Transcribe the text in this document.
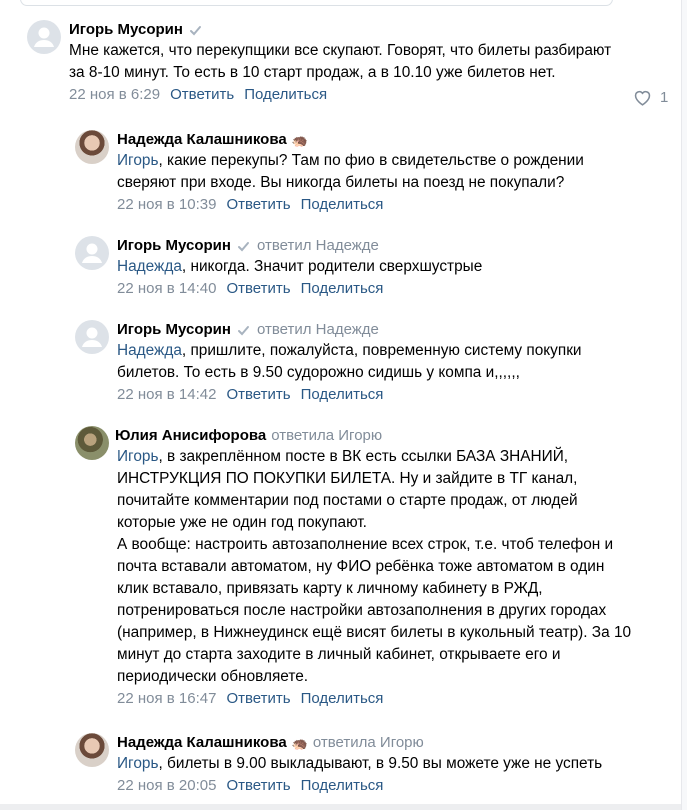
Игорь Мусорин
Мне кажется, что перекупщики все скупают. Говорят, что билеты разбирают
за 8-10 минут. То есть в 10 старт продаж, а в 10.10 уже билетов нет.
22 ноя в 6:29 Ответить Поделиться	1
Надежда Калашникова 🦔
Игорь, какие перекупы? Там по фио в свидетельстве о рождении
сверяют при входе. Вы никогда билеты на поезд не покупали?
22 ноя в 10:39 Ответить Поделиться
Игорь Мусорин ответил Надежде
Надежда, никогда. Значит родители сверхшустрые
22 ноя в 14:40 Ответить Поделиться
Игорь Мусорин ответил Надежде
Надежда, пришлите, пожалуйста, повременную систему покупки
билетов. То есть в 9.50 судорожно сидишь у компа и,,,,,,
22 ноя в 14:42 Ответить Поделиться
Юлия Анисифорова ответила Игорю
Игорь, в закреплённом посте в ВК есть ссылки БАЗА ЗНАНИЙ,
ИНСТРУКЦИЯ ПО ПОКУПКИ БИЛЕТА. Ну и зайдите в ТГ канал,
почитайте комментарии под постами о старте продаж, от людей
которые уже не один год покупают.
А вообще: настроить автозаполнение всех строк, т.е. чтоб телефон и
почта вставали автоматом, ну ФИО ребёнка тоже автоматом в один
клик вставало, привязать карту к личному кабинету в РЖД,
потренироваться после настройки автозаполнения в других городах
(например, в Нижнеудинск ещё висят билеты в кукольный театр). За 10
минут до старта заходите в личный кабинет, открываете его и
периодически обновляете.
22 ноя в 16:47 Ответить Поделиться
Надежда Калашникова 🦔 ответила Игорю
Игорь, билеты в 9.00 выкладывают, в 9.50 вы можете уже не успеть
22 ноя в 20:05 Ответить Поделиться
